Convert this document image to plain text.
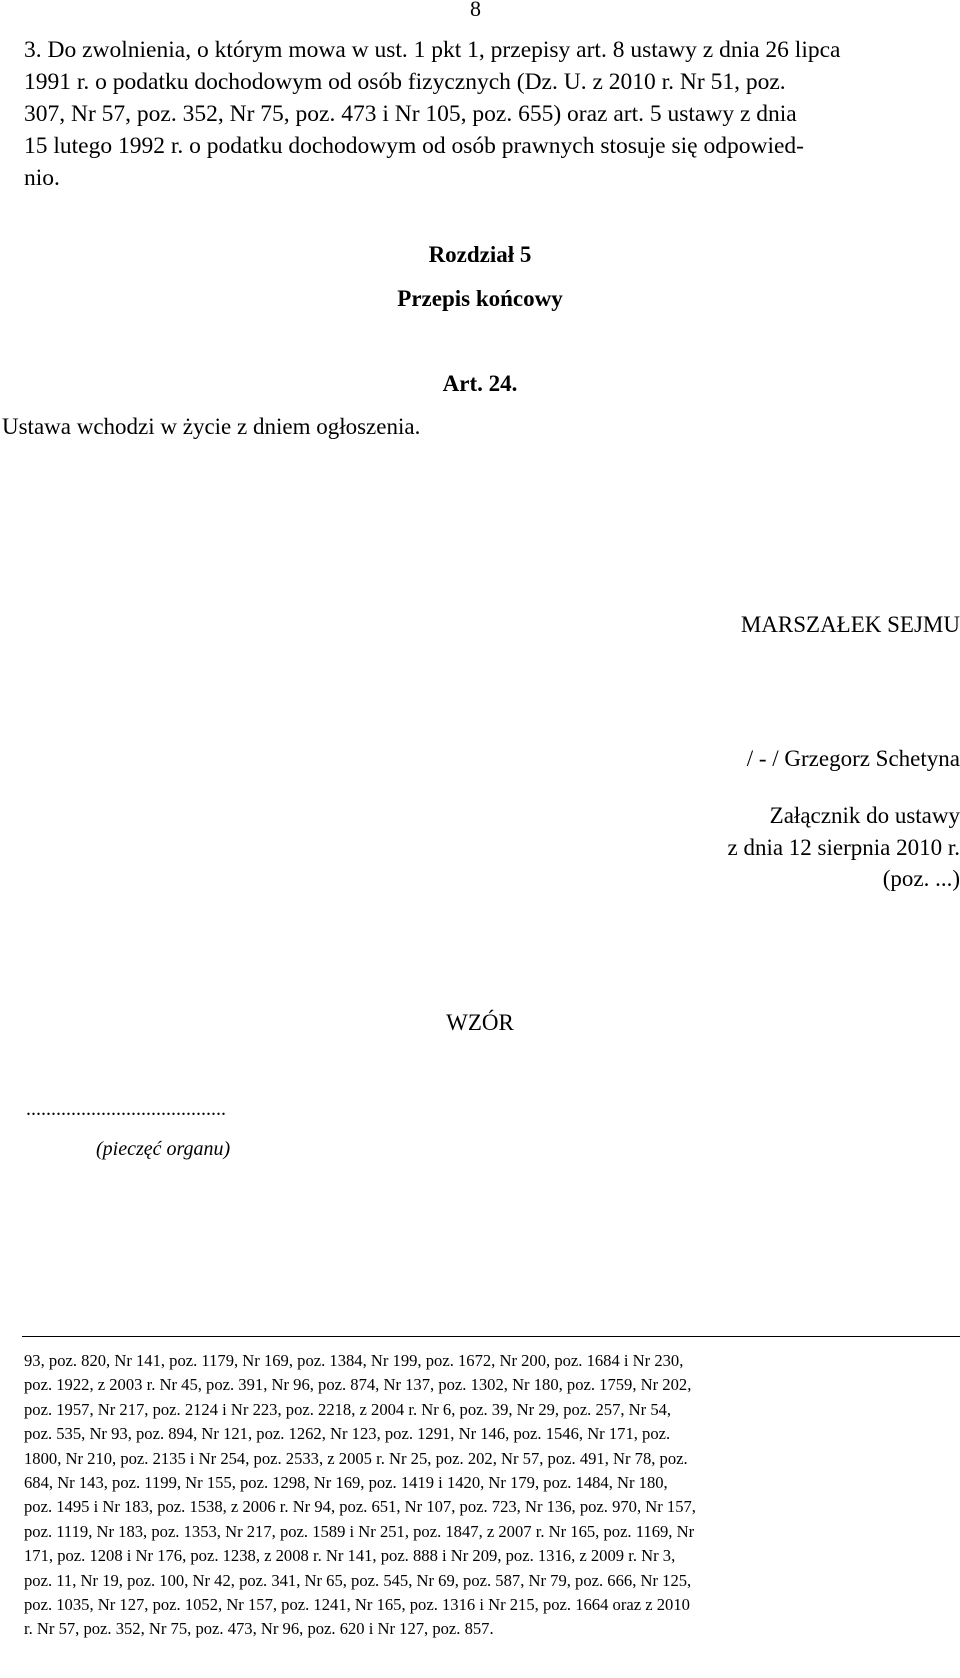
8
3. Do zwolnienia, o którym mowa w ust. 1 pkt 1, przepisy art. 8 ustawy z dnia 26 lipca
1991 r. o podatku dochodowym od osób fizycznych (Dz. U. z 2010 r. Nr 51, poz.
307, Nr 57, poz. 352, Nr 75, poz. 473 i Nr 105, poz. 655) oraz art. 5 ustawy z dnia
15 lutego 1992 r. o podatku dochodowym od osób prawnych stosuje się odpowied-
nio.
Rozdział 5
Przepis końcowy
Art. 24.
Ustawa wchodzi w życie z dniem ogłoszenia.
MARSZAŁEK SEJMU
/ - / Grzegorz Schetyna
Załącznik do ustawy
z dnia 12 sierpnia 2010 r.
(poz. ...)
WZÓR
........................................
(pieczęć organu)
93, poz. 820, Nr 141, poz. 1179, Nr 169, poz. 1384, Nr 199, poz. 1672, Nr 200, poz. 1684 i Nr 230,
poz. 1922, z 2003 r. Nr 45, poz. 391, Nr 96, poz. 874, Nr 137, poz. 1302, Nr 180, poz. 1759, Nr 202,
poz. 1957, Nr 217, poz. 2124 i Nr 223, poz. 2218, z 2004 r. Nr 6, poz. 39, Nr 29, poz. 257, Nr 54,
poz. 535, Nr 93, poz. 894, Nr 121, poz. 1262, Nr 123, poz. 1291, Nr 146, poz. 1546, Nr 171, poz.
1800, Nr 210, poz. 2135 i Nr 254, poz. 2533, z 2005 r. Nr 25, poz. 202, Nr 57, poz. 491, Nr 78, poz.
684, Nr 143, poz. 1199, Nr 155, poz. 1298, Nr 169, poz. 1419 i 1420, Nr 179, poz. 1484, Nr 180,
poz. 1495 i Nr 183, poz. 1538, z 2006 r. Nr 94, poz. 651, Nr 107, poz. 723, Nr 136, poz. 970, Nr 157,
poz. 1119, Nr 183, poz. 1353, Nr 217, poz. 1589 i Nr 251, poz. 1847, z 2007 r. Nr 165, poz. 1169, Nr
171, poz. 1208 i Nr 176, poz. 1238, z 2008 r. Nr 141, poz. 888 i Nr 209, poz. 1316, z 2009 r. Nr 3,
poz. 11, Nr 19, poz. 100, Nr 42, poz. 341, Nr 65, poz. 545, Nr 69, poz. 587, Nr 79, poz. 666, Nr 125,
poz. 1035, Nr 127, poz. 1052, Nr 157, poz. 1241, Nr 165, poz. 1316 i Nr 215, poz. 1664 oraz z 2010
r. Nr 57, poz. 352, Nr 75, poz. 473, Nr 96, poz. 620 i Nr 127, poz. 857.
